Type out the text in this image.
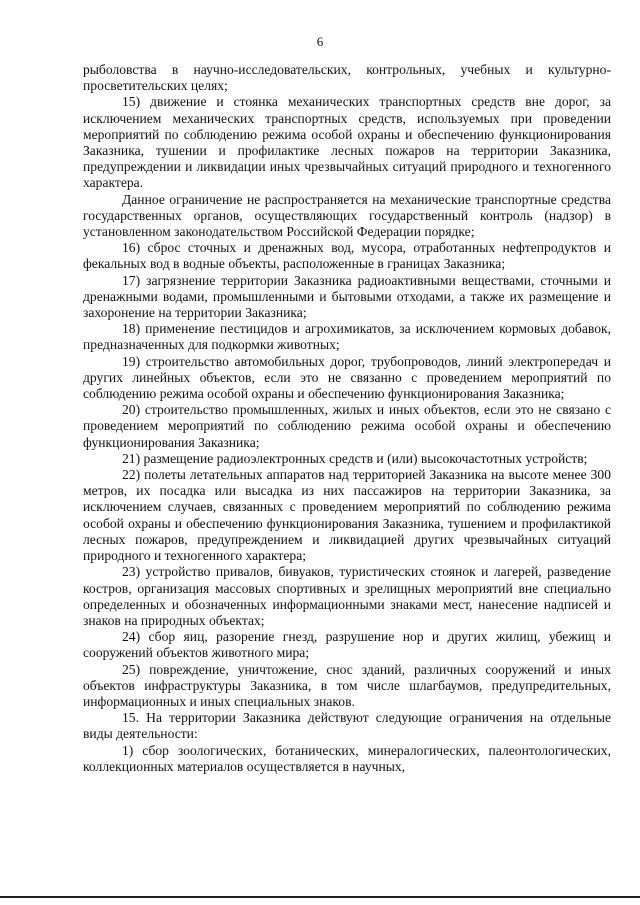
6

рыболовства в научно-исследовательских, контрольных, учебных и культурно-просветительских целях;

15) движение и стоянка механических транспортных средств вне дорог, за исключением механических транспортных средств, используемых при проведении мероприятий по соблюдению режима особой охраны и обеспечению функционирования Заказника, тушении и профилактике лесных пожаров на территории Заказника, предупреждении и ликвидации иных чрезвычайных ситуаций природного и техногенного характера.

Данное ограничение не распространяется на механические транспортные средства государственных органов, осуществляющих государственный контроль (надзор) в установленном законодательством Российской Федерации порядке;

16) сброс сточных и дренажных вод, мусора, отработанных нефтепродуктов и фекальных вод в водные объекты, расположенные в границах Заказника;

17) загрязнение территории Заказника радиоактивными веществами, сточными и дренажными водами, промышленными и бытовыми отходами, а также их размещение и захоронение на территории Заказника;

18) применение пестицидов и агрохимикатов, за исключением кормовых добавок, предназначенных для подкормки животных;

19) строительство автомобильных дорог, трубопроводов, линий электропередач и других линейных объектов, если это не связанно с проведением мероприятий по соблюдению режима особой охраны и обеспечению функционирования Заказника;

20) строительство промышленных, жилых и иных объектов, если это не связано с проведением мероприятий по соблюдению режима особой охраны и обеспечению функционирования Заказника;

21) размещение радиоэлектронных средств и (или) высокочастотных устройств;

22) полеты летательных аппаратов над территорией Заказника на высоте менее 300 метров, их посадка или высадка из них пассажиров на территории Заказника, за исключением случаев, связанных с проведением мероприятий по соблюдению режима особой охраны и обеспечению функционирования Заказника, тушением и профилактикой лесных пожаров, предупреждением и ликвидацией других чрезвычайных ситуаций природного и техногенного характера;

23) устройство привалов, бивуаков, туристических стоянок и лагерей, разведение костров, организация массовых спортивных и зрелищных мероприятий вне специально определенных и обозначенных информационными знаками мест, нанесение надписей и знаков на природных объектах;

24) сбор яиц, разорение гнезд, разрушение нор и других жилищ, убежищ и сооружений объектов животного мира;

25) повреждение, уничтожение, снос зданий, различных сооружений и иных объектов инфраструктуры Заказника, в том числе шлагбаумов, предупредительных, информационных и иных специальных знаков.

15. На территории Заказника действуют следующие ограничения на отдельные виды деятельности:

1) сбор зоологических, ботанических, минералогических, палеонтологических, коллекционных материалов осуществляется в научных,
